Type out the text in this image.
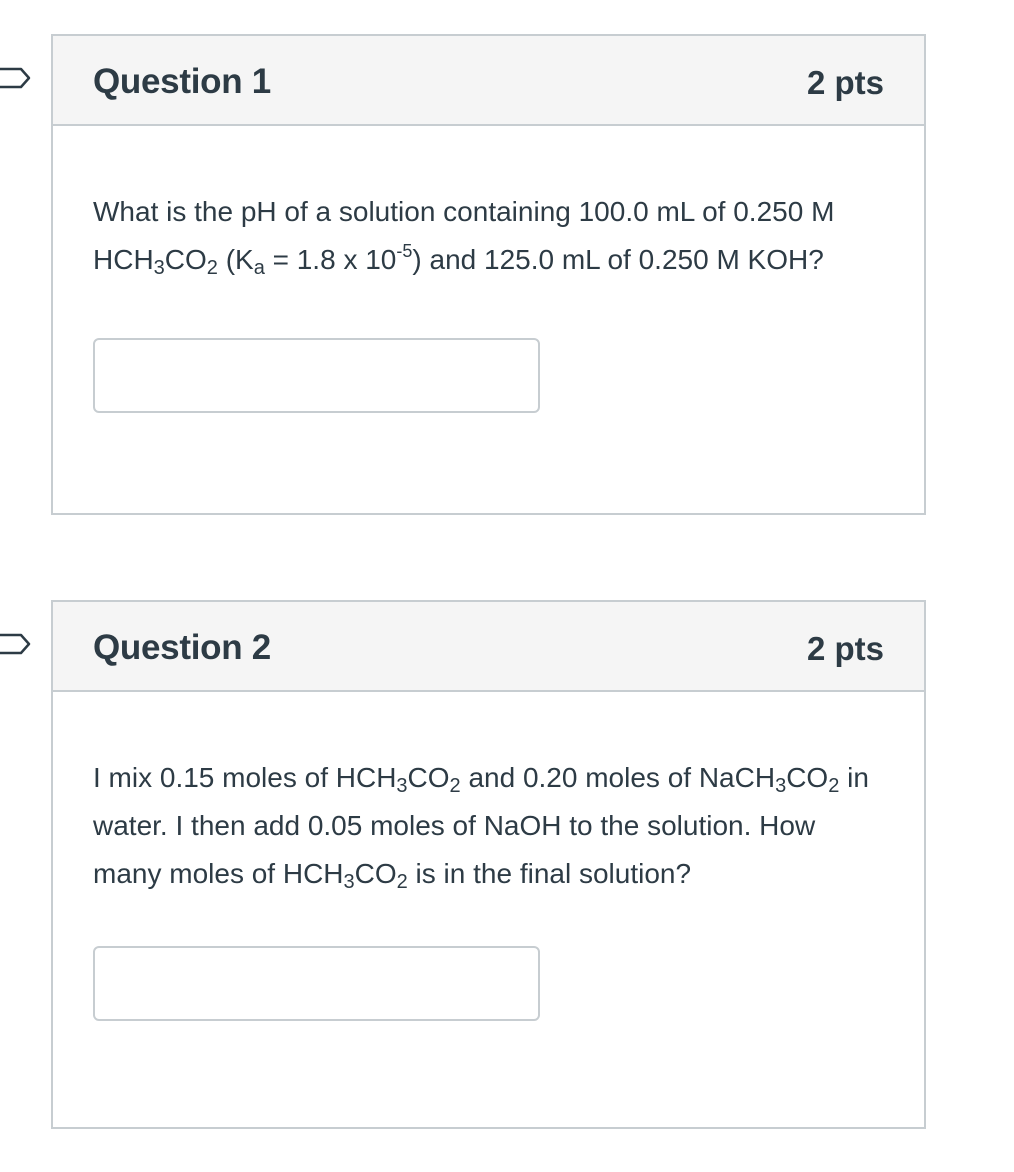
Question 1	2 pts
What is the pH of a solution containing 100.0 mL of 0.250 M $HCH_3CO_2$ ($K_a = 1.8$ x $10^{-5}$) and 125.0 mL of 0.250 M KOH?
Question 2	2 pts
I mix 0.15 moles of $HCH_3CO_2$ and 0.20 moles of $NaCH_3CO_2$ in water. I then add 0.05 moles of NaOH to the solution. How many moles of $HCH_3CO_2$ is in the final solution?
